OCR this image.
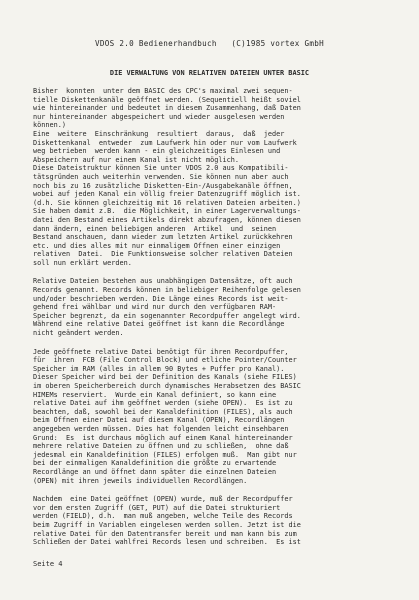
VDOS 2.0 Bedienerhandbuch (C)1985 vortex GmbH
DIE VERWALTUNG VON RELATIVEN DATEIEN UNTER BASIC
Bisher  konnten  unter dem BASIC des CPC's maximal zwei sequen-
tielle Diskettenkanäle geöffnet werden. (Sequentiell heißt soviel
wie hintereinander und bedeutet in diesem Zusammenhang, daß Daten
nur hintereinander abgespeichert und wieder ausgelesen werden
können.)
Eine  weitere  Einschränkung  resultiert  daraus,  daß  jeder
Diskettenkanal  entweder  zum Laufwerk hin oder nur vom Laufwerk
weg betrieben  werden kann - ein gleichzeitiges Einlesen und
Abspeichern auf nur einem Kanal ist nicht möglich.
Diese Dateistruktur können Sie unter VDOS 2.0 aus Kompatibili-
tätsgründen auch weiterhin verwenden. Sie können nun aber auch
noch bis zu 16 zusätzliche Disketten-Ein-/Ausgabekanäle öffnen,
wobei auf jeden Kanal ein völlig freier Datenzugriff möglich ist.
(d.h. Sie können gleichzeitig mit 16 relativen Dateien arbeiten.)
Sie haben damit z.B.  die Möglichkeit, in einer Lagerverwaltungs-
datei den Bestand eines Artikels direkt abzufragen, können diesen
dann ändern, einen beliebigen anderen  Artikel  und  seinen
Bestand anschauen, dann wieder zum letzten Artikel zurückkehren
etc. und dies alles mit nur einmaligem Öffnen einer einzigen
relativen  Datei.  Die Funktionsweise solcher relativen Dateien
soll nun erklärt werden.
Relative Dateien bestehen aus unabhängigen Datensätze, oft auch
Records genannt. Records können in beliebiger Reihenfolge gelesen
und/oder beschrieben werden. Die Länge eines Records ist weit-
gehend frei wählbar und wird nur durch den verfügbaren RAM-
Speicher begrenzt, da ein sogenannter Recordpuffer angelegt wird.
Während eine relative Datei geöffnet ist kann die Recordlänge
nicht geändert werden.
Jede geöffnete relative Datei benötigt für ihren Recordpuffer,
für  ihren  FCB (File Control Block) und etliche Pointer/Counter
Speicher im RAM (alles in allem 90 Bytes + Puffer pro Kanal).
Dieser Speicher wird bei der Definition des Kanals (siehe FILES)
im oberen Speicherbereich durch dynamisches Herabsetzen des BASIC
HIMEMs reserviert.  Wurde ein Kanal definiert, so kann eine
relative Datei auf ihm geöffnet werden (siehe OPEN).  Es ist zu
beachten, daß, sowohl bei der Kanaldefinition (FILES), als auch
beim Öffnen einer Datei auf diesem Kanal (OPEN), Recordlängen
angegeben werden müssen. Dies hat folgenden leicht einsehbaren
Grund:  Es  ist durchaus möglich auf einem Kanal hintereinander
mehrere relative Dateien zu öffnen und zu schließen,  ohne daß
jedesmal ein Kanaldefinition (FILES) erfolgen muß.  Man gibt nur
bei der einmaligen Kanaldefinition die größte zu erwartende
Recordlänge an und öffnet dann später die einzelnen Dateien
(OPEN) mit ihren jeweils individuellen Recordlängen.
Nachdem  eine Datei geöffnet (OPEN) wurde, muß der Recordpuffer
vor dem ersten Zugriff (GET, PUT) auf die Datei strukturiert
werden (FIELD), d.h.  man muß angeben, welche Teile des Records
beim Zugriff in Variablen eingelesen werden sollen. Jetzt ist die
relative Datei für den Datentransfer bereit und man kann bis zum
Schließen der Datei wahlfrei Records lesen und schreiben.  Es ist
Seite 4
